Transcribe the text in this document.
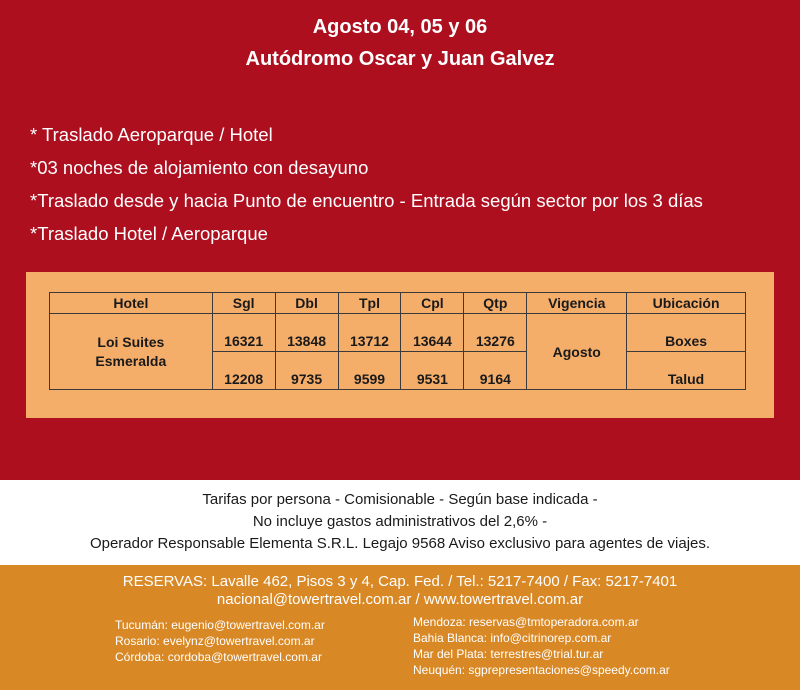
Agosto 04, 05 y 06
Autódromo Oscar y Juan Galvez
* Traslado Aeroparque / Hotel
*03 noches de alojamiento con desayuno
*Traslado desde y hacia Punto de encuentro - Entrada según sector por los 3 días
*Traslado Hotel / Aeroparque
Hotel	Sgl	Dbl	Tpl	Cpl	Qtp	Vigencia	Ubicación

Loi Suites
Esmeralda	16321	13848	13712	13644	13276	Agosto	Boxes
	12208	9735	9599	9531	9164		Talud
Tarifas por persona - Comisionable - Según base indicada -
No incluye gastos administrativos del 2,6% -
Operador Responsable Elementa S.R.L. Legajo 9568 Aviso exclusivo para agentes de viajes.
RESERVAS: Lavalle 462, Pisos 3 y 4, Cap. Fed. / Tel.: 5217-7400 / Fax: 5217-7401
nacional@towertravel.com.ar / www.towertravel.com.ar
Tucumán: eugenio@towertravel.com.ar
Rosario: evelynz@towertravel.com.ar
Córdoba: cordoba@towertravel.com.ar
Mendoza: reservas@tmtoperadora.com.ar
Bahia Blanca: info@citrinorep.com.ar
Mar del Plata: terrestres@trial.tur.ar
Neuquén: sgprepresentaciones@speedy.com.ar
